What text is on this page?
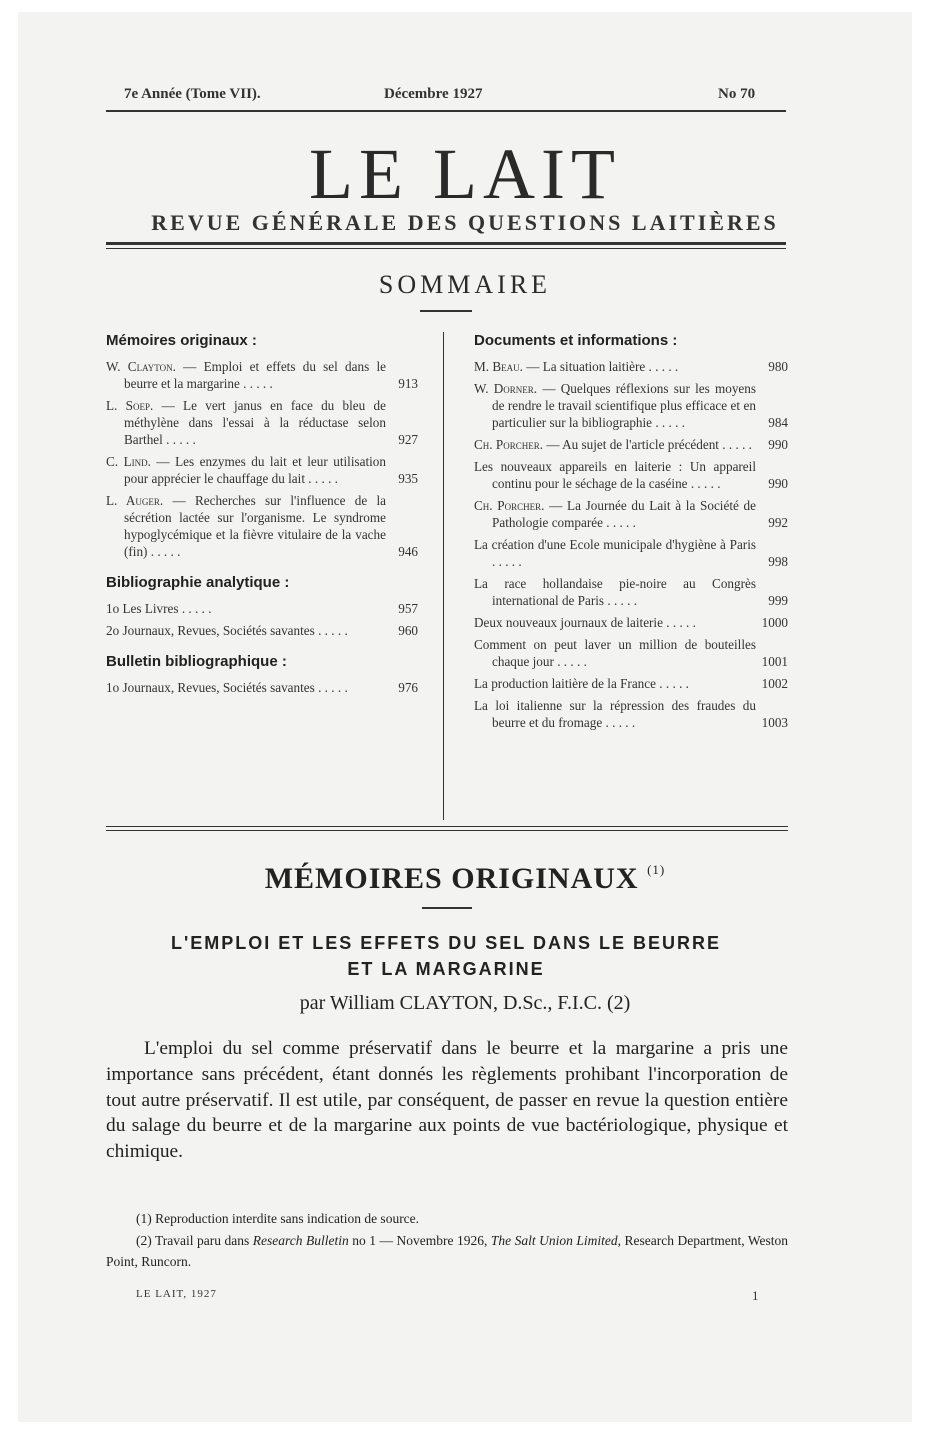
7e Année (Tome VII).	Décembre 1927	No 70
LE LAIT
REVUE GÉNÉRALE DES QUESTIONS LAITIÈRES
SOMMAIRE
Mémoires originaux :
W. Clayton. — Emploi et effets du sel dans le beurre et la margarine . . . . .	913
L. Soep. — Le vert janus en face du bleu de méthylène dans l'essai à la réductase selon Barthel . . . . .	927
C. Lind. — Les enzymes du lait et leur utilisation pour apprécier le chauffage du lait . . . . .	935
L. Auger. — Recherches sur l'influence de la sécrétion lactée sur l'organisme. Le syndrome hypoglycémique et la fièvre vitulaire de la vache (fin) . . . . .	946
Bibliographie analytique :
1o Les Livres . . . . .	957
2o Journaux, Revues, Sociétés savantes . . . . .	960
Bulletin bibliographique :
1o Journaux, Revues, Sociétés savantes . . . . .	976
Documents et informations :
M. Beau. — La situation laitière . . . . .	980
W. Dorner. — Quelques réflexions sur les moyens de rendre le travail scientifique plus efficace et en particulier sur la bibliographie . . . . .	984
Ch. Porcher. — Au sujet de l'article précédent . . . . .	990
Les nouveaux appareils en laiterie : Un appareil continu pour le séchage de la caséine . . . . .	990
Ch. Porcher. — La Journée du Lait à la Société de Pathologie comparée . . . . .	992
La création d'une Ecole municipale d'hygiène à Paris . . . . .	998
La race hollandaise pie-noire au Congrès international de Paris . . . . .	999
Deux nouveaux journaux de laiterie . . . . .	1000
Comment on peut laver un million de bouteilles chaque jour . . . . .	1001
La production laitière de la France . . . . .	1002
La loi italienne sur la répression des fraudes du beurre et du fromage . . . . .	1003
MÉMOIRES ORIGINAUX $^{(1)}$
L'EMPLOI ET LES EFFETS DU SEL DANS LE BEURRE
ET LA MARGARINE
par William CLAYTON, D.Sc., F.I.C. (2)
L'emploi du sel comme préservatif dans le beurre et la margarine a pris une importance sans précédent, étant donnés les règlements prohibant l'incorporation de tout autre préservatif. Il est utile, par conséquent, de passer en revue la question entière du salage du beurre et de la margarine aux points de vue bactériologique, physique et chimique.
(1) Reproduction interdite sans indication de source.
(2) Travail paru dans Research Bulletin no 1 — Novembre 1926, The Salt Union Limited, Research Department, Weston Point, Runcorn.
LE LAIT, 1927	1
